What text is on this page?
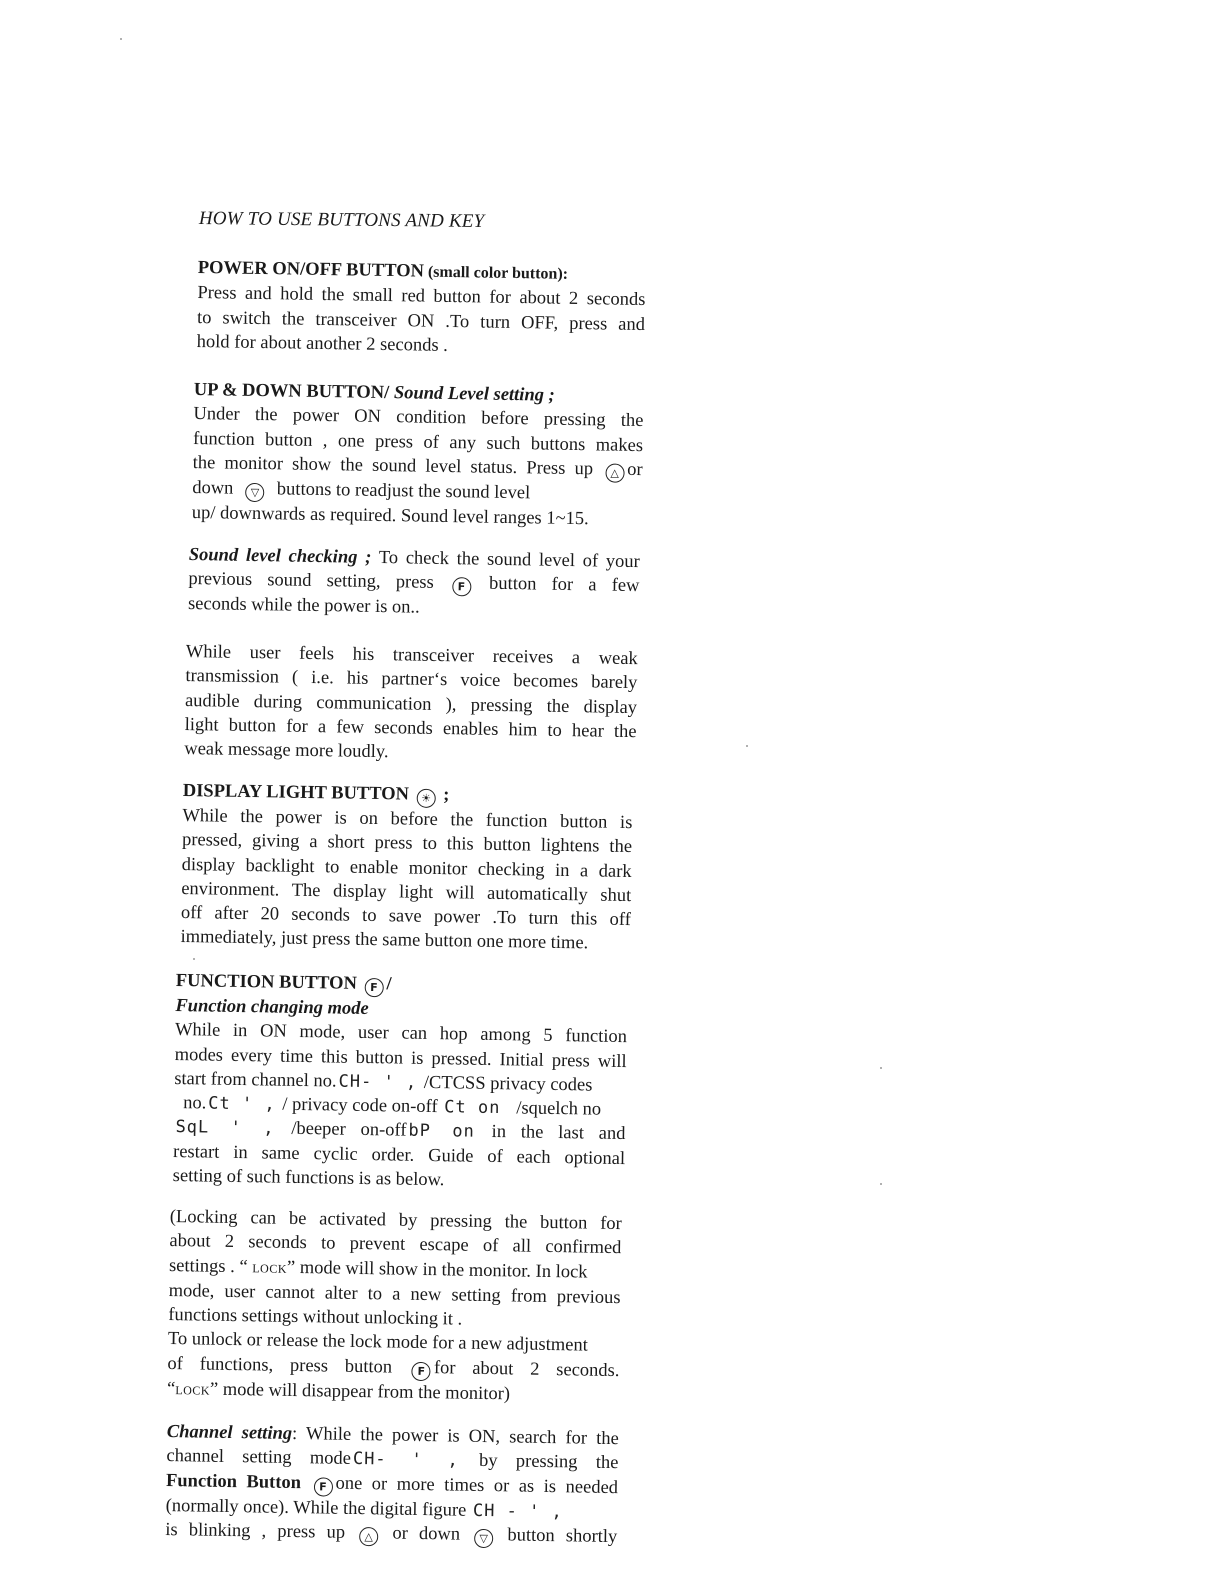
HOW TO USE BUTTONS AND KEY
POWER ON/OFF BUTTON (small color button):
Press and hold the small red button for about 2 seconds
to switch the transceiver ON .To turn OFF, press and
hold for about another 2 seconds .
UP & DOWN BUTTON/ Sound Level setting ;
Under the power ON condition before pressing the
function button , one press of any such buttons makes
the monitor show the sound level status. Press up △ or
down ▽ buttons to readjust the sound level
up/ downwards as required. Sound level ranges 1~15.
Sound level checking ; To check the sound level of your
previous sound setting, press F button for a few
seconds while the power is on..
While user feels his transceiver receives a weak
transmission ( i.e. his partner‘s voice becomes barely
audible during communication ), pressing the display
light button for a few seconds enables him to hear the
weak message more loudly.
DISPLAY LIGHT BUTTON ☀ ;
While the power is on before the function button is
pressed, giving a short press to this button lightens the
display backlight to enable monitor checking in a dark
environment. The display light will automatically shut
off after 20 seconds to save power .To turn this off
immediately, just press the same button one more time.
FUNCTION BUTTON F /
Function changing mode
While in ON mode, user can hop among 5 function
modes every time this button is pressed. Initial press will
start from channel no.CH- ' , /CTCSS privacy codes
no.Ct ' , / privacy code on-off Ct on /squelch no
SqL ' , /beeper on-offbP on in the last and
restart in same cyclic order. Guide of each optional
setting of such functions is as below.
(Locking can be activated by pressing the button for
about 2 seconds to prevent escape of all confirmed
settings . “ LOCK” mode will show in the monitor. In lock
mode, user cannot alter to a new setting from previous
functions settings without unlocking it .
To unlock or release the lock mode for a new adjustment
of functions, press button F for about 2 seconds.
“LOCK” mode will disappear from the monitor)
Channel setting: While the power is ON, search for the
channel setting modeCH- ' , by pressing the
Function Button F one or more times or as is needed
(normally once). While the digital figure CH - ' ,
is blinking , press up △ or down ▽ button shortly
